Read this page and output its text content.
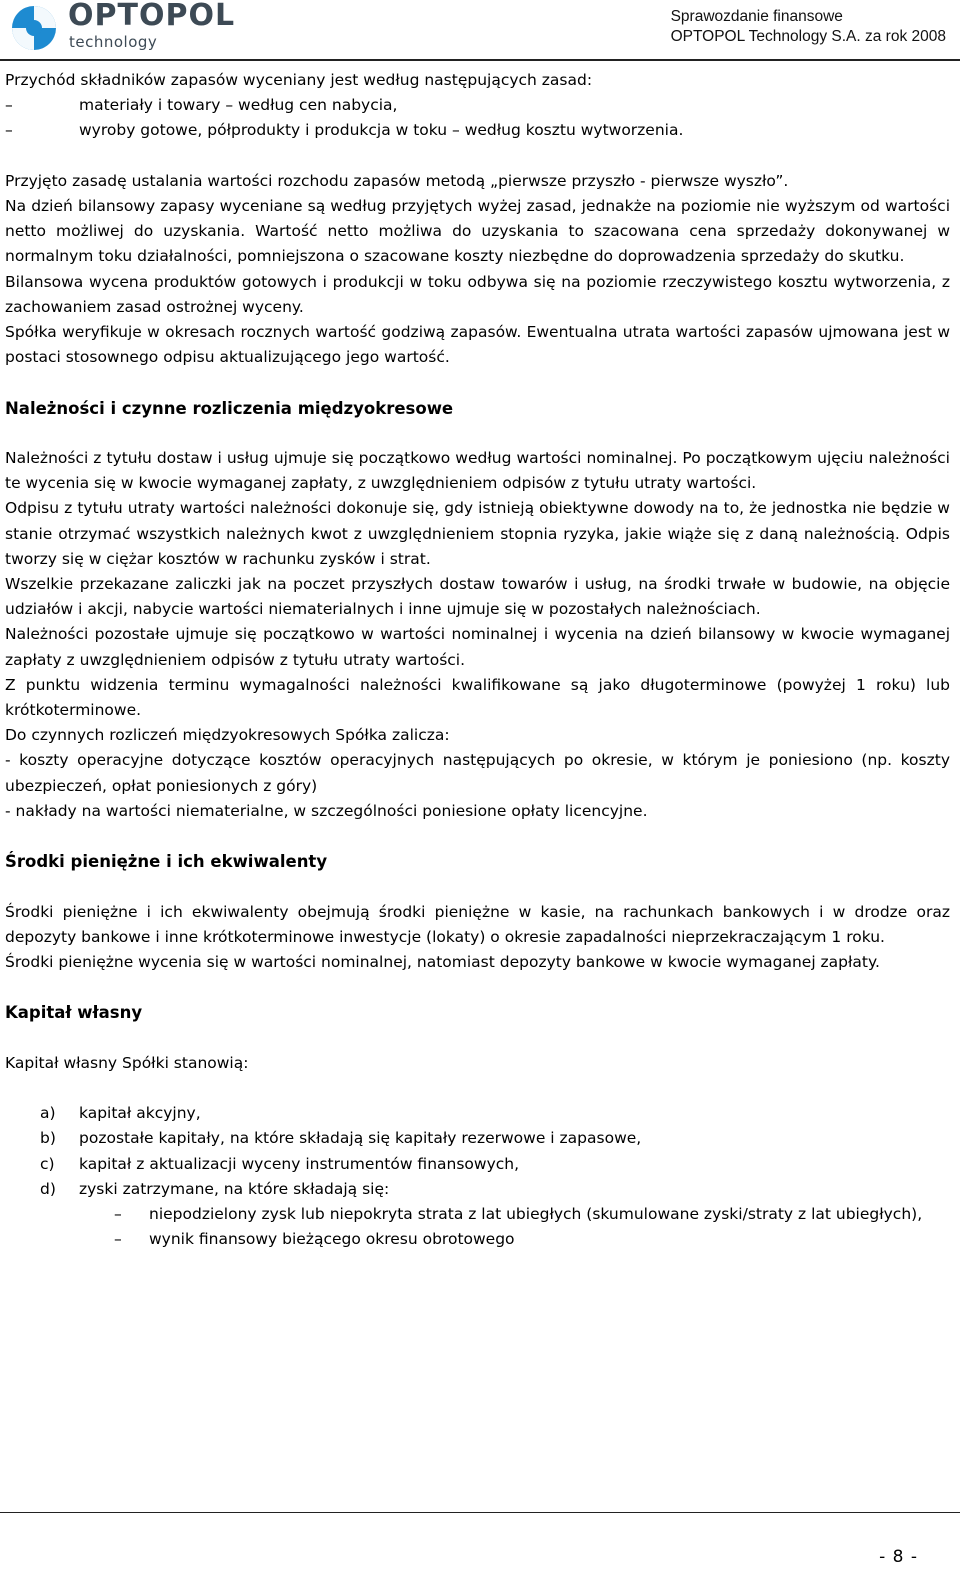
OPTOPOL
technology
Sprawozdanie finansowe
OPTOPOL Technology S.A. za rok 2008

Przychód składników zapasów wyceniany jest według następujących zasad:

–	materiały i towary – według cen nabycia,
–	wyroby gotowe, półprodukty i produkcja w toku – według kosztu wytworzenia.

Przyjęto zasadę ustalania wartości rozchodu zapasów metodą „pierwsze przyszło - pierwsze wyszło”.

Na dzień bilansowy zapasy wyceniane są według przyjętych wyżej zasad, jednakże na poziomie nie wyższym od wartości netto możliwej do uzyskania. Wartość netto możliwa do uzyskania to szacowana cena sprzedaży dokonywanej w normalnym toku działalności, pomniejszona o szacowane koszty niezbędne do doprowadzenia sprzedaży do skutku.

Bilansowa wycena produktów gotowych i produkcji w toku odbywa się na poziomie rzeczywistego kosztu wytworzenia, z zachowaniem zasad ostrożnej wyceny.

Spółka weryfikuje w okresach rocznych wartość godziwą zapasów. Ewentualna utrata wartości zapasów ujmowana jest w postaci stosownego odpisu aktualizującego jego wartość.

Należności i czynne rozliczenia międzyokresowe

Należności z tytułu dostaw i usług ujmuje się początkowo według wartości nominalnej. Po początkowym ujęciu należności te wycenia się w kwocie wymaganej zapłaty, z uwzględnieniem odpisów z tytułu utraty wartości.

Odpisu z tytułu utraty wartości należności dokonuje się, gdy istnieją obiektywne dowody na to, że jednostka nie będzie w stanie otrzymać wszystkich należnych kwot z uwzględnieniem stopnia ryzyka, jakie wiąże się z daną należnością. Odpis tworzy się w ciężar kosztów w rachunku zysków i strat.

Wszelkie przekazane zaliczki jak na poczet przyszłych dostaw towarów i usług, na środki trwałe w budowie, na objęcie udziałów i akcji, nabycie wartości niematerialnych i inne ujmuje się w pozostałych należnościach.

Należności pozostałe ujmuje się początkowo w wartości nominalnej i wycenia na dzień bilansowy w kwocie wymaganej zapłaty z uwzględnieniem odpisów z tytułu utraty wartości.

Z punktu widzenia terminu wymagalności należności kwalifikowane są jako długoterminowe (powyżej 1 roku) lub krótkoterminowe.

Do czynnych rozliczeń międzyokresowych Spółka zalicza:

- koszty operacyjne dotyczące kosztów operacyjnych następujących po okresie, w którym je poniesiono (np. koszty ubezpieczeń, opłat poniesionych z góry)

- nakłady na wartości niematerialne, w szczególności poniesione opłaty licencyjne.

Środki pieniężne i ich ekwiwalenty

Środki pieniężne i ich ekwiwalenty obejmują środki pieniężne w kasie, na rachunkach bankowych i w drodze oraz depozyty bankowe i inne krótkoterminowe inwestycje (lokaty) o okresie zapadalności nieprzekraczającym 1 roku.

Środki pieniężne wycenia się w wartości nominalnej, natomiast depozyty bankowe w kwocie wymaganej zapłaty.

Kapitał własny

Kapitał własny Spółki stanowią:

a) kapitał akcyjny,
b) pozostałe kapitały, na które składają się kapitały rezerwowe i zapasowe,
c) kapitał z aktualizacji wyceny instrumentów finansowych,
d) zyski zatrzymane, na które składają się:
– niepodzielony zysk lub niepokryta strata z lat ubiegłych (skumulowane zyski/straty z lat ubiegłych),
– wynik finansowy bieżącego okresu obrotowego
- 8 -
